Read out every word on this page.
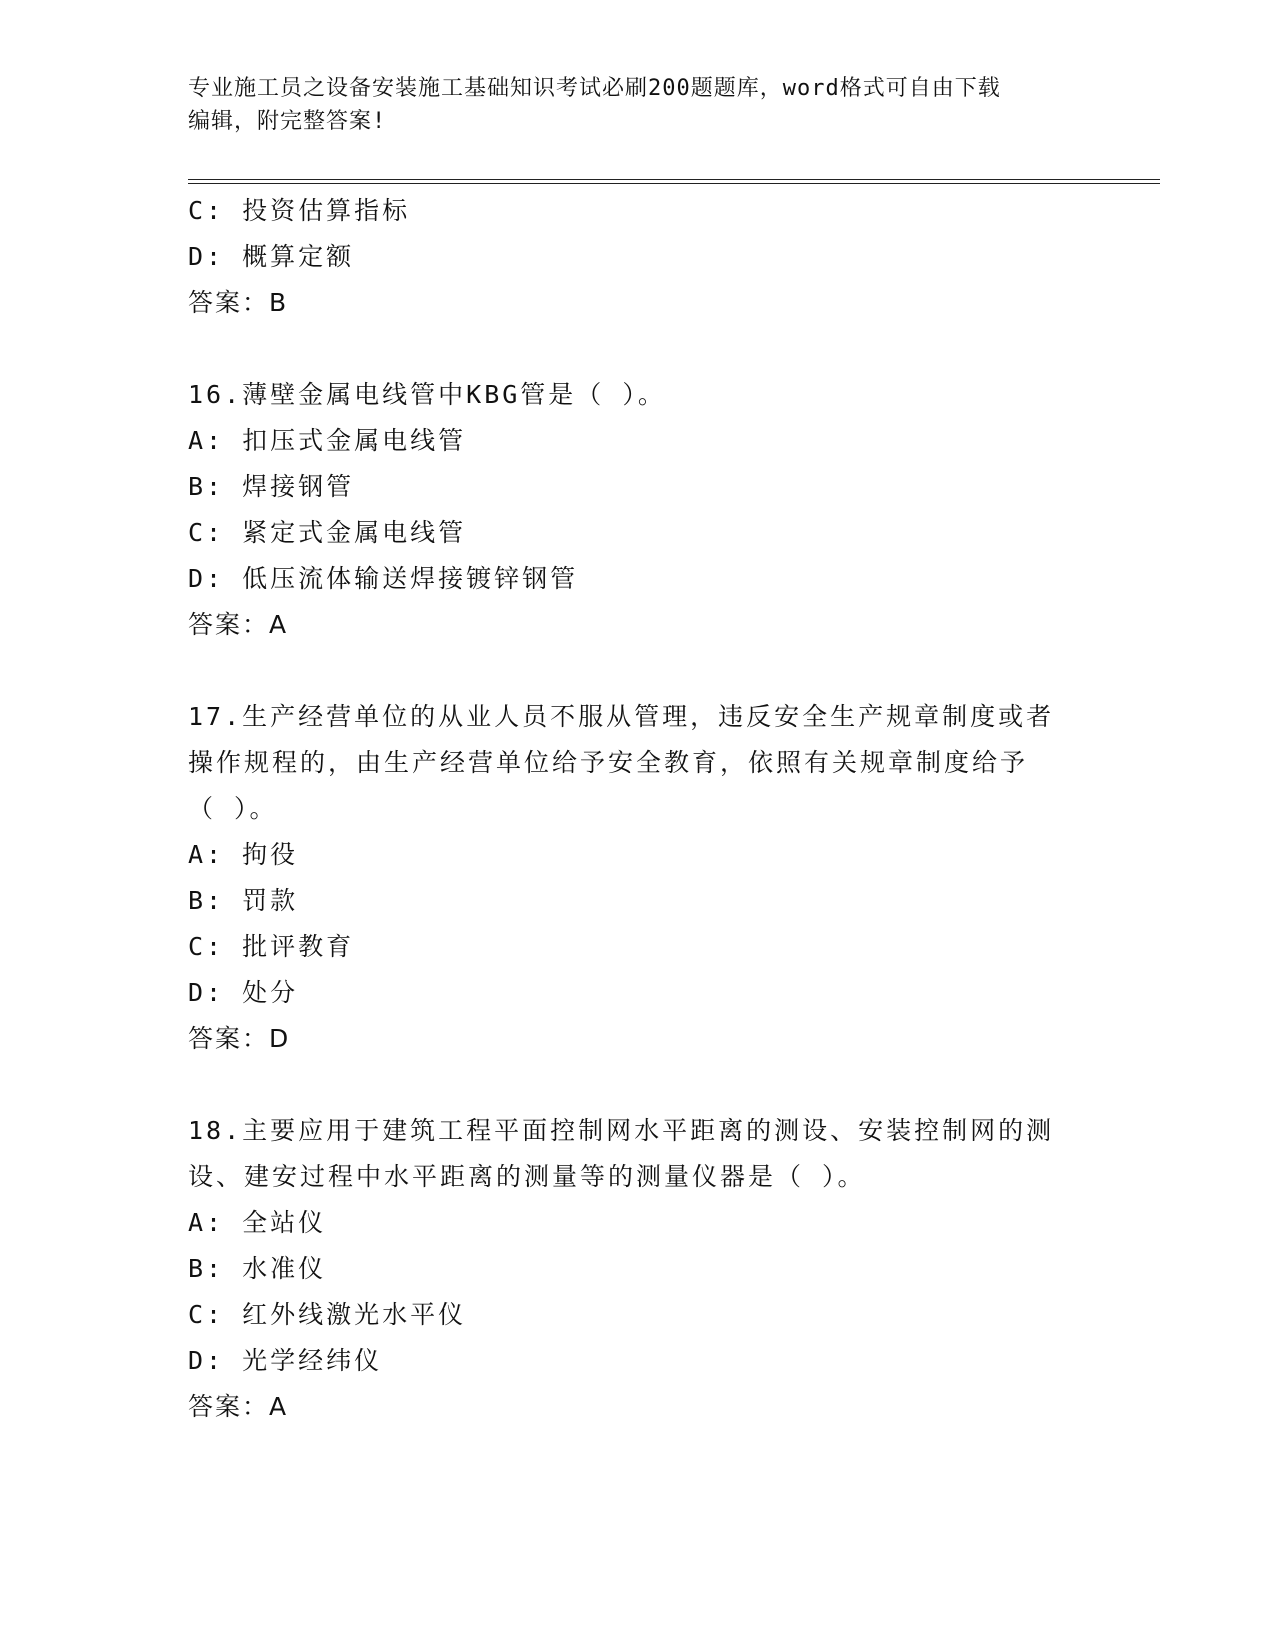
专业施工员之设备安装施工基础知识考试必刷200题题库，word格式可自由下载
编辑，附完整答案!
C: 投资估算指标
D: 概算定额
答案：B
16.薄壁金属电线管中KBG管是（ ）。
A: 扣压式金属电线管
B: 焊接钢管
C: 紧定式金属电线管
D: 低压流体输送焊接镀锌钢管
答案：A
17.生产经营单位的从业人员不服从管理，违反安全生产规章制度或者
操作规程的，由生产经营单位给予安全教育，依照有关规章制度给予
（ ）。
A: 拘役
B: 罚款
C: 批评教育
D: 处分
答案：D
18.主要应用于建筑工程平面控制网水平距离的测设、安装控制网的测
设、建安过程中水平距离的测量等的测量仪器是（ ）。
A: 全站仪
B: 水准仪
C: 红外线激光水平仪
D: 光学经纬仪
答案：A
